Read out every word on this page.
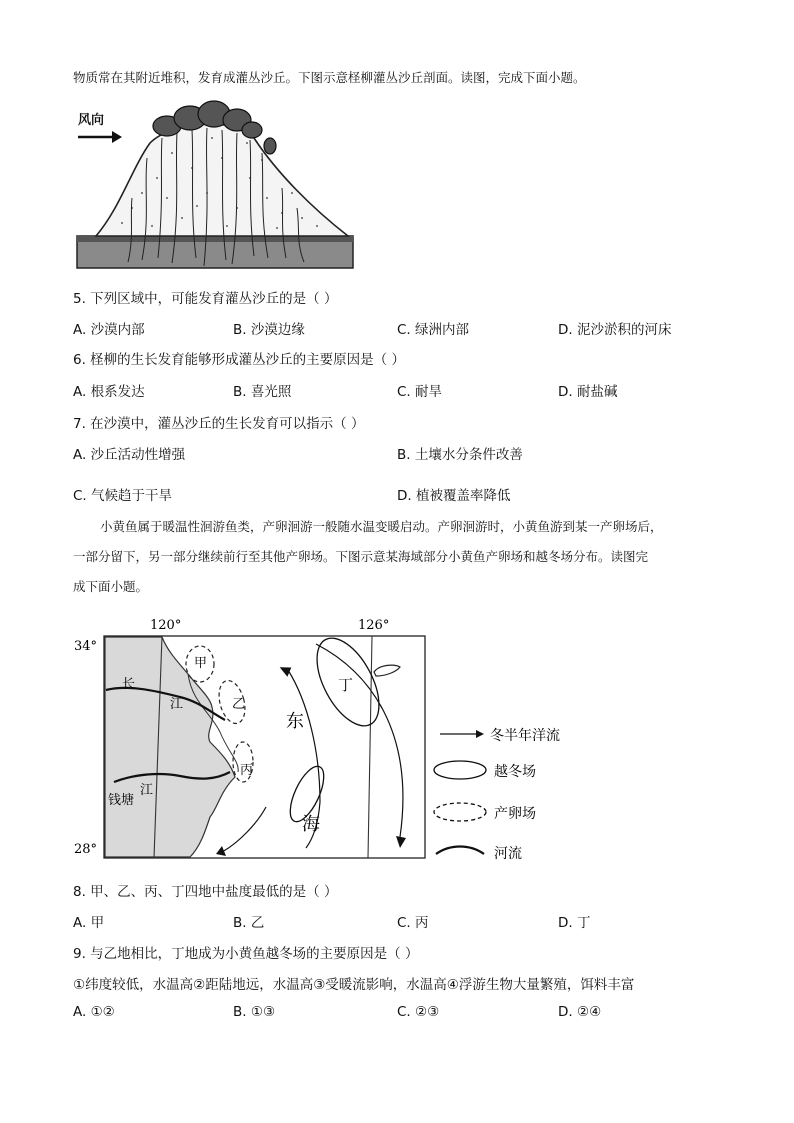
物质常在其附近堆积，发育成灌丛沙丘。下图示意柽柳灌丛沙丘剖面。读图，完成下面小题。
风向
5. 下列区域中，可能发育灌丛沙丘的是（ ）
A. 沙漠内部	B. 沙漠边缘	C. 绿洲内部	D. 泥沙淤积的河床
6. 柽柳的生长发育能够形成灌丛沙丘的主要原因是（ ）
A. 根系发达	B. 喜光照	C. 耐旱	D. 耐盐碱
7. 在沙漠中，灌丛沙丘的生长发育可以指示（ ）
A. 沙丘活动性增强	B. 土壤水分条件改善
C. 气候趋于干旱	D. 植被覆盖率降低
小黄鱼属于暖温性洄游鱼类，产卵洄游一般随水温变暖启动。产卵洄游时，小黄鱼游到某一产卵场后，
一部分留下，另一部分继续前行至其他产卵场。下图示意某海域部分小黄鱼产卵场和越冬场分布。读图完
成下面小题。
120°	126°
34°
28°
甲
乙
丙
丁
长
江
钱塘
江
东
海
冬半年洋流
越冬场
产卵场
河流
8. 甲、乙、丙、丁四地中盐度最低的是（ ）
A. 甲	B. 乙	C. 丙	D. 丁
9. 与乙地相比，丁地成为小黄鱼越冬场的主要原因是（ ）
①纬度较低，水温高②距陆地远，水温高③受暖流影响，水温高④浮游生物大量繁殖，饵料丰富
A. ①②	B. ①③	C. ②③	D. ②④
